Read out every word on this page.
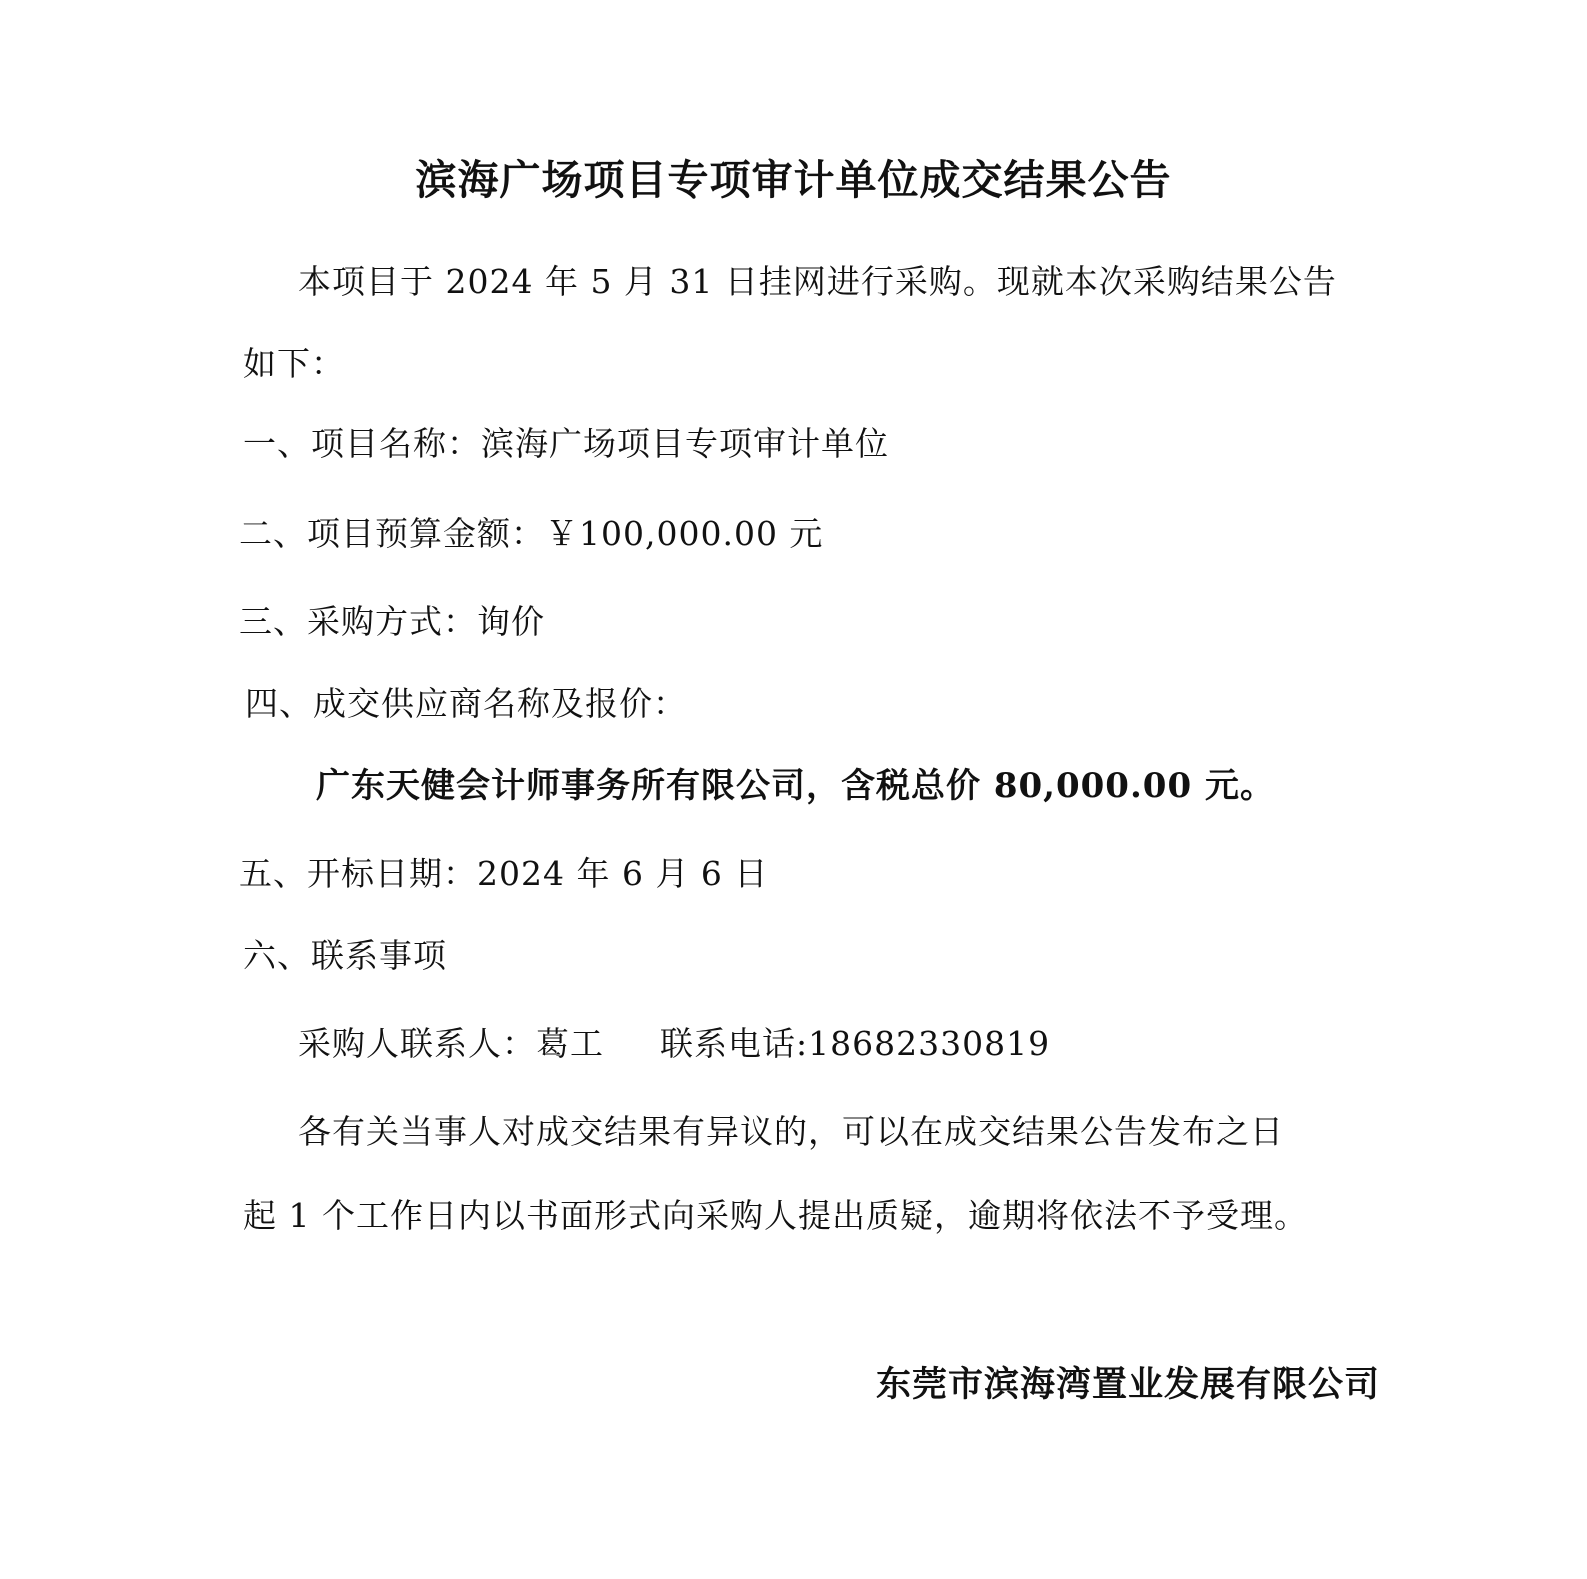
滨海广场项目专项审计单位成交结果公告
本项目于 2024 年 5 月 31 日挂网进行采购。现就本次采购结果公告
如下：
一、项目名称：滨海广场项目专项审计单位
二、项目预算金额：￥100,000.00 元
三、采购方式：询价
四、成交供应商名称及报价：
广东天健会计师事务所有限公司，含税总价 80,000.00 元。
五、开标日期：2024 年 6 月 6 日
六、联系事项
采购人联系人：葛工 联系电话:18682330819
各有关当事人对成交结果有异议的，可以在成交结果公告发布之日
起 1 个工作日内以书面形式向采购人提出质疑，逾期将依法不予受理。
东莞市滨海湾置业发展有限公司
